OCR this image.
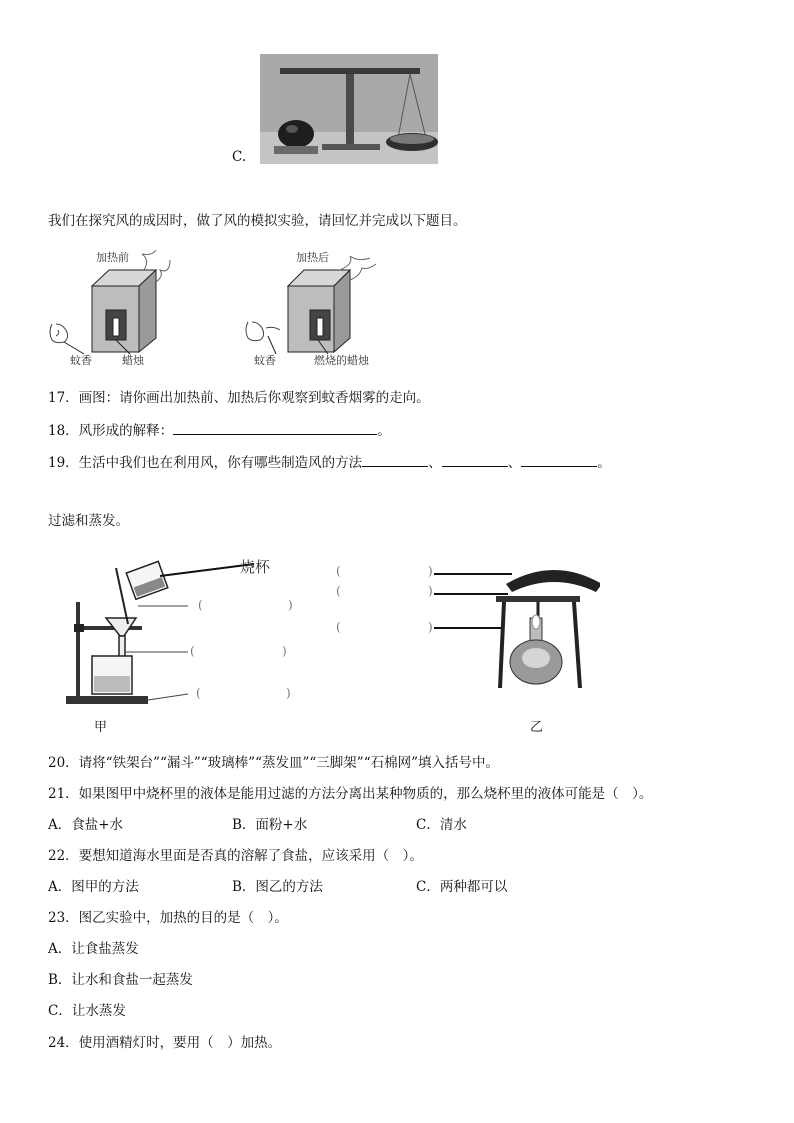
C.
我们在探究风的成因时，做了风的模拟实验，请回忆并完成以下题目。
加热前
蚊香	蜡烛
加热后
蚊香	燃烧的蜡烛
17．画图：请你画出加热前、加热后你观察到蚊香烟雾的走向。
18．风形成的解释：	。
19．生活中我们也在利用风，你有哪些制造风的方法	、	、	。
过滤和蒸发。
烧杯
(	)
(	)
(	)
甲
(	)
(	)
(	)
乙
20．请将“铁架台”“漏斗”“玻璃棒”“蒸发皿”“三脚架”“石棉网”填入括号中。
21．如果图甲中烧杯里的液体是能用过滤的方法分离出某种物质的，那么烧杯里的液体可能是（　）。
A．食盐+水	B．面粉+水	C．清水
22．要想知道海水里面是否真的溶解了食盐，应该采用（　）。
A．图甲的方法	B．图乙的方法	C．两种都可以
23．图乙实验中，加热的目的是（　）。
A．让食盐蒸发
B．让水和食盐一起蒸发
C．让水蒸发
24．使用酒精灯时，要用（　）加热。
